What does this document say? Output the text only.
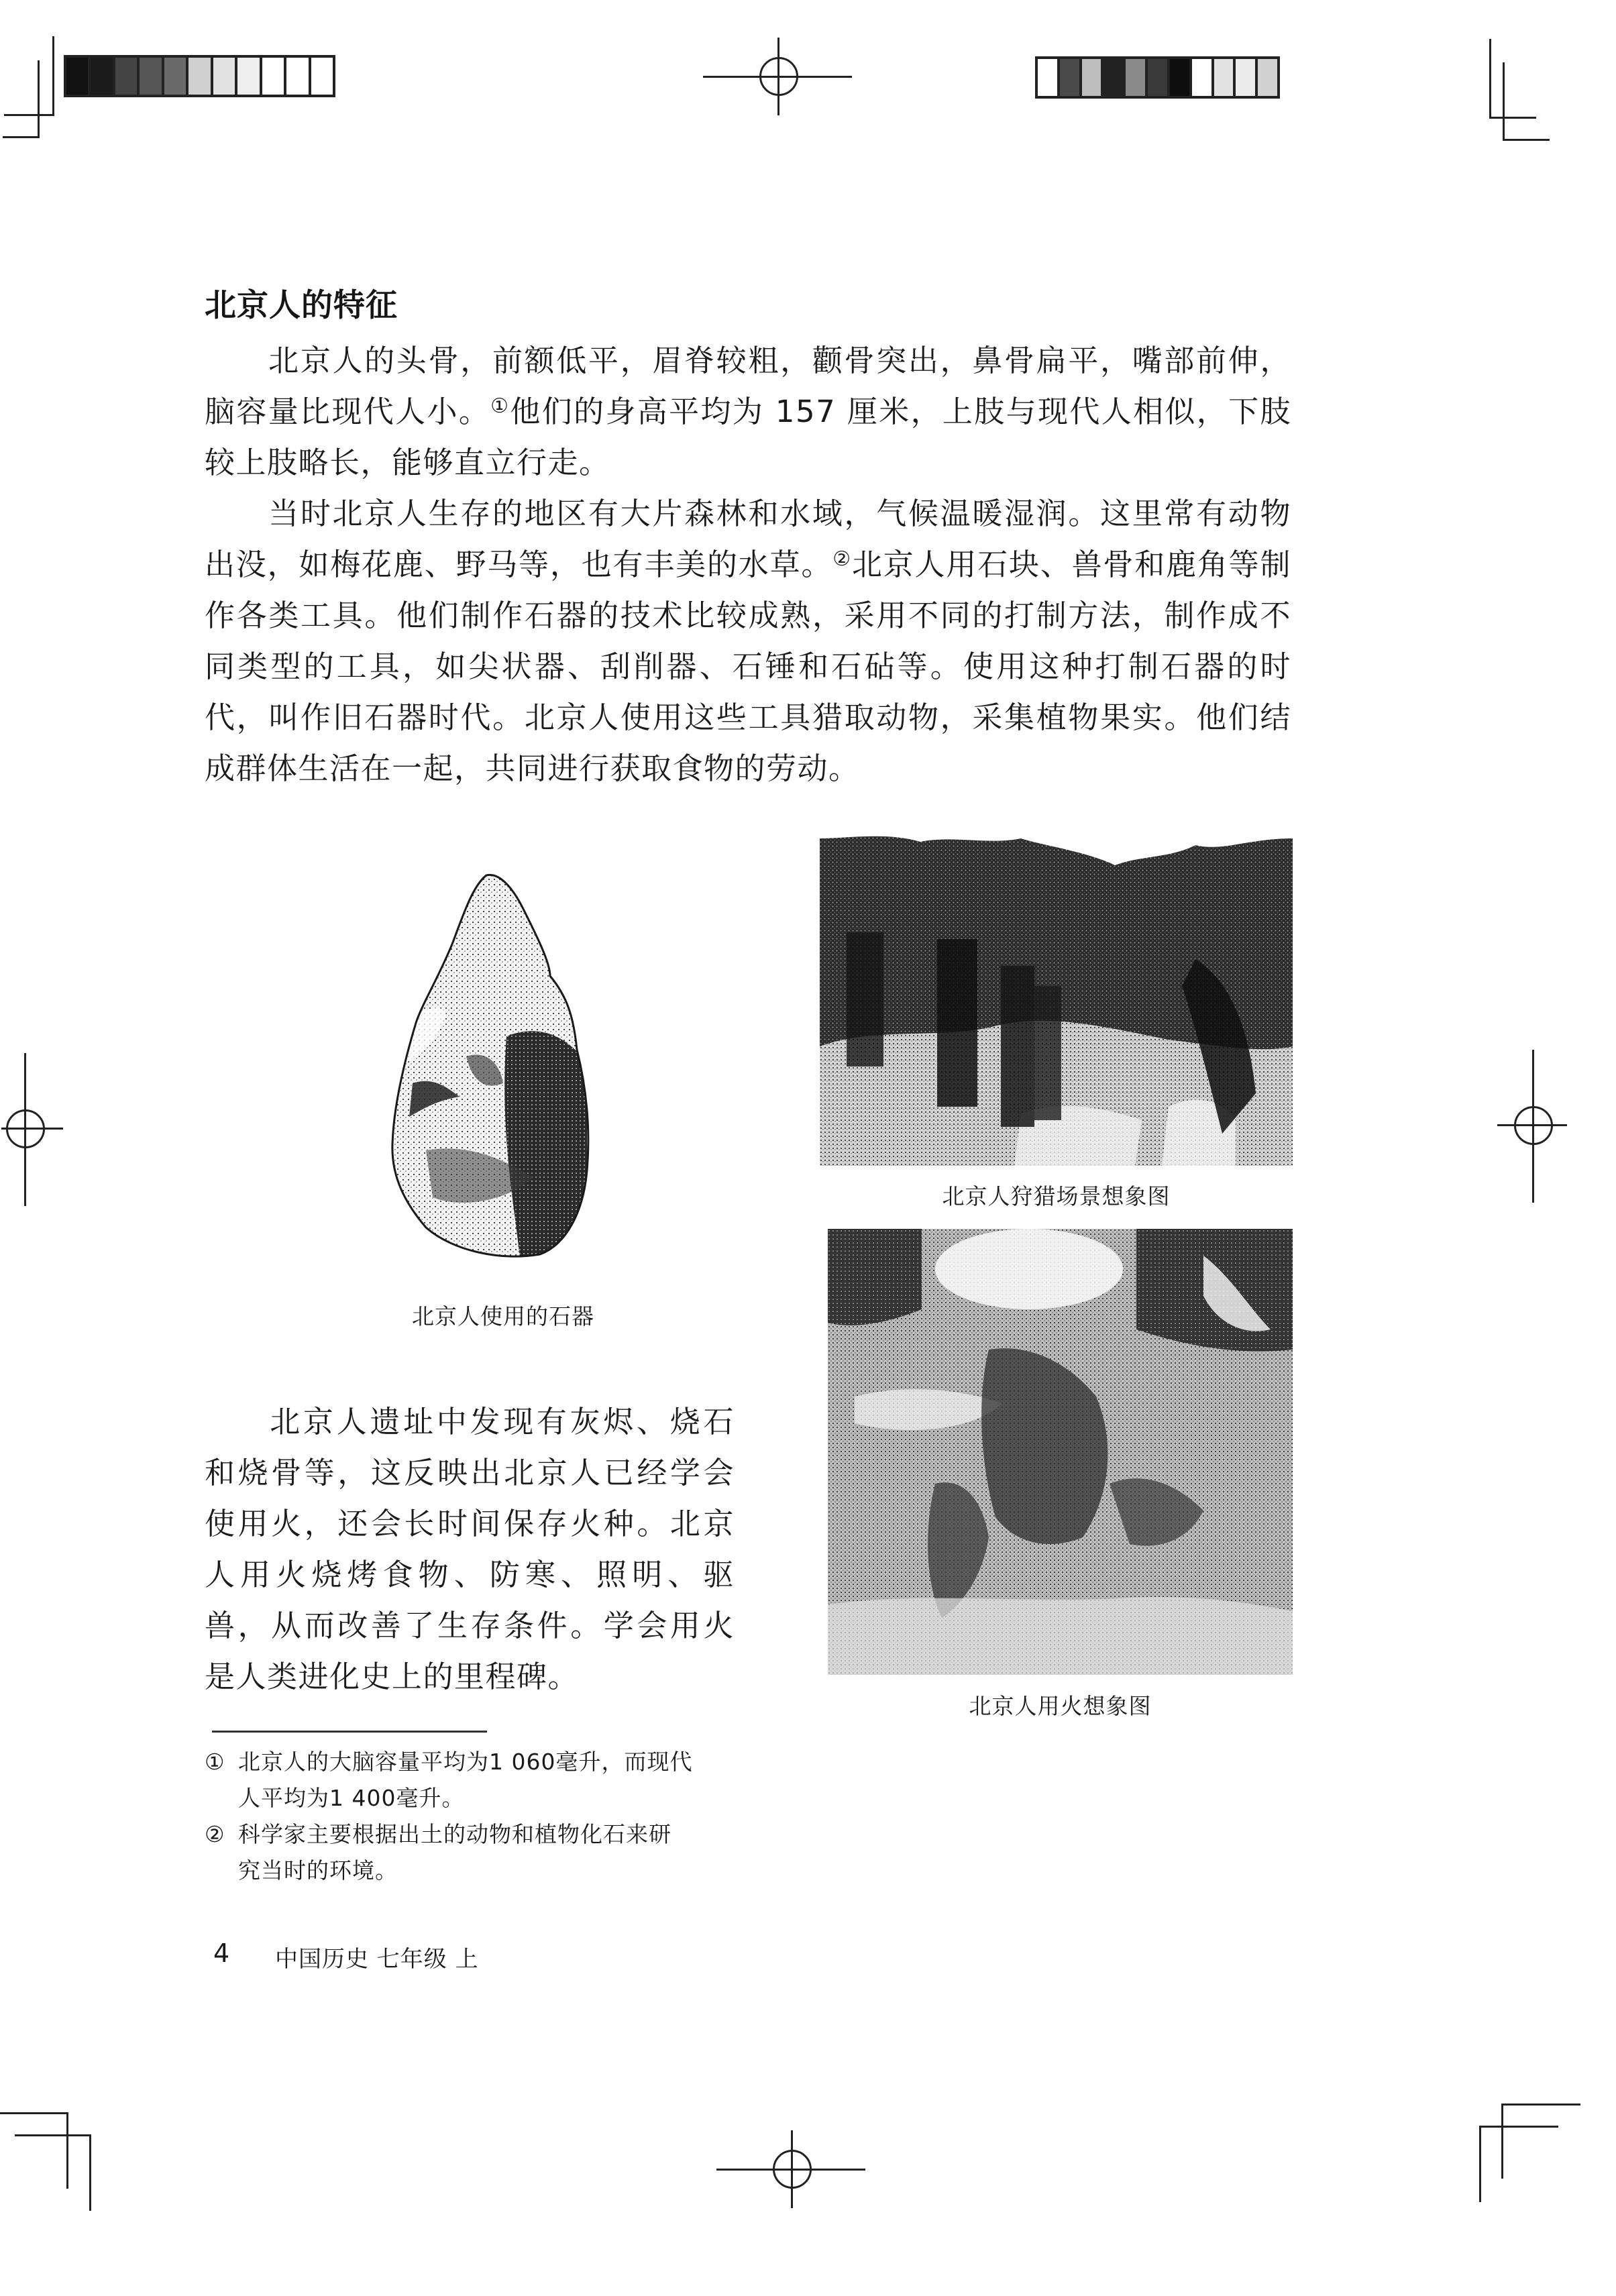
北京人的特征
北京人的头骨，前额低平，眉脊较粗，颧骨突出，鼻骨扁平，嘴部前伸，脑容量比现代人小。①他们的身高平均为 157 厘米，上肢与现代人相似，下肢较上肢略长，能够直立行走。
当时北京人生存的地区有大片森林和水域，气候温暖湿润。这里常有动物出没，如梅花鹿、野马等，也有丰美的水草。②北京人用石块、兽骨和鹿角等制作各类工具。他们制作石器的技术比较成熟，采用不同的打制方法，制作成不同类型的工具，如尖状器、刮削器、石锤和石砧等。使用这种打制石器的时代，叫作旧石器时代。北京人使用这些工具猎取动物，采集植物果实。他们结成群体生活在一起，共同进行获取食物的劳动。
北京人使用的石器
北京人狩猎场景想象图
北京人用火想象图
北京人遗址中发现有灰烬、烧石和烧骨等，这反映出北京人已经学会使用火，还会长时间保存火种。北京人用火烧烤食物、防寒、照明、驱兽，从而改善了生存条件。学会用火是人类进化史上的里程碑。
① 北京人的大脑容量平均为1 060毫升，而现代
人平均为1 400毫升。
② 科学家主要根据出土的动物和植物化石来研
究当时的环境。
4 中国历史 七年级 上
